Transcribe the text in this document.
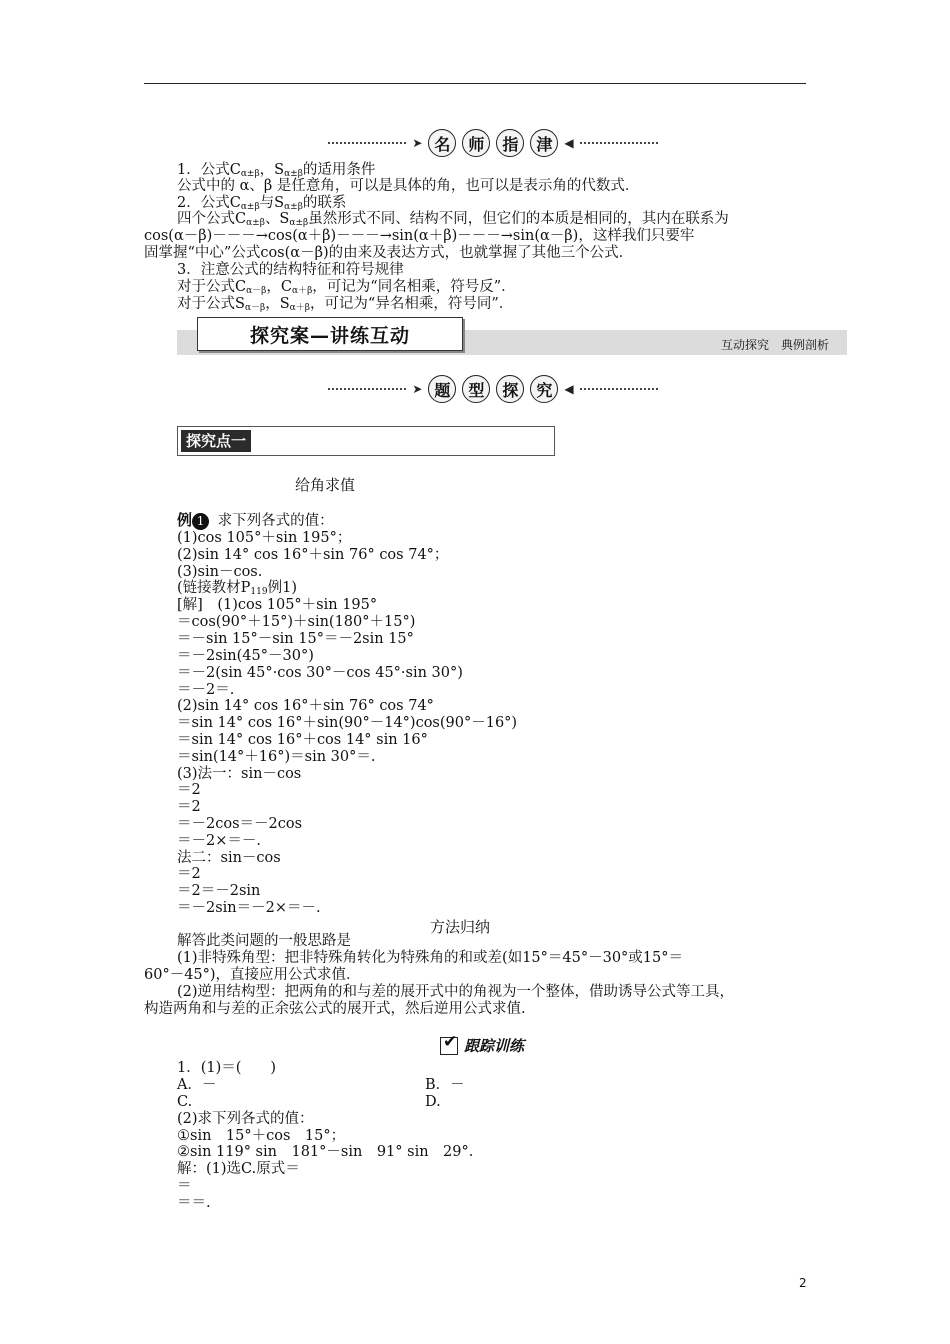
➤ 名	师	指	津	◀
1．公式$C_{\alpha\pm\beta}$，$S_{\alpha\pm\beta}$的适用条件
公式中的 α、β 是任意角，可以是具体的角，也可以是表示角的代数式．
2．公式$C_{\alpha\pm\beta}$与$S_{\alpha\pm\beta}$的联系
四个公式$C_{\alpha\pm\beta}$、$S_{\alpha\pm\beta}$虽然形式不同、结构不同，但它们的本质是相同的，其内在联系为
cos(α－β)－－－→cos(α＋β)－－－→sin(α＋β)－－－→sin(α－β)，这样我们只要牢
固掌握“中心”公式cos(α－β)的由来及表达方式，也就掌握了其他三个公式．
3．注意公式的结构特征和符号规律
对于公式$C_{\alpha-\beta}$，$C_{\alpha+\beta}$，可记为“同名相乘，符号反”．
对于公式$S_{\alpha-\beta}$，$S_{\alpha+\beta}$，可记为“异名相乘，符号同”．
探究案—讲练互动	互动探究　典例剖析
➤ 题	型	探	究	◀
探究点一
给角求值
例 1 求下列各式的值：
(1)cos 105°＋sin 195°；
(2)sin 14° cos 16°＋sin 76° cos 74°；
(3)sin－cos.
(链接教材$P_{119}$例1)
[解]　(1)cos 105°＋sin 195°
＝cos(90°＋15°)＋sin(180°＋15°)
＝－sin 15°－sin 15°＝－2sin 15°
＝－2sin(45°－30°)
＝－2(sin 45°·cos 30°－cos 45°·sin 30°)
＝－2＝.
(2)sin 14° cos 16°＋sin 76° cos 74°
＝sin 14° cos 16°＋sin(90°－14°)cos(90°－16°)
＝sin 14° cos 16°＋cos 14° sin 16°
＝sin(14°＋16°)＝sin 30°＝.
(3)法一：sin－cos
＝2
＝2
＝－2cos＝－2cos
＝－2×＝－.
法二：sin－cos
＝2
＝2＝－2sin
＝－2sin＝－2×＝－.
方法归纳
解答此类问题的一般思路是
(1)非特殊角型：把非特殊角转化为特殊角的和或差(如15°＝45°－30°或15°＝
60°－45°)，直接应用公式求值．
(2)逆用结构型：把两角的和与差的展开式中的角视为一个整体，借助诱导公式等工具，
构造两角和与差的正余弦公式的展开式，然后逆用公式求值.
✔
跟踪训练
1．(1)＝(　　)
A．－	B．－
C.	D.
(2)求下列各式的值：
①sin　15°＋cos　15°；
②sin 119° sin　181°－sin　91° sin　29°.
解：(1)选C.原式＝
＝
＝＝.
2
